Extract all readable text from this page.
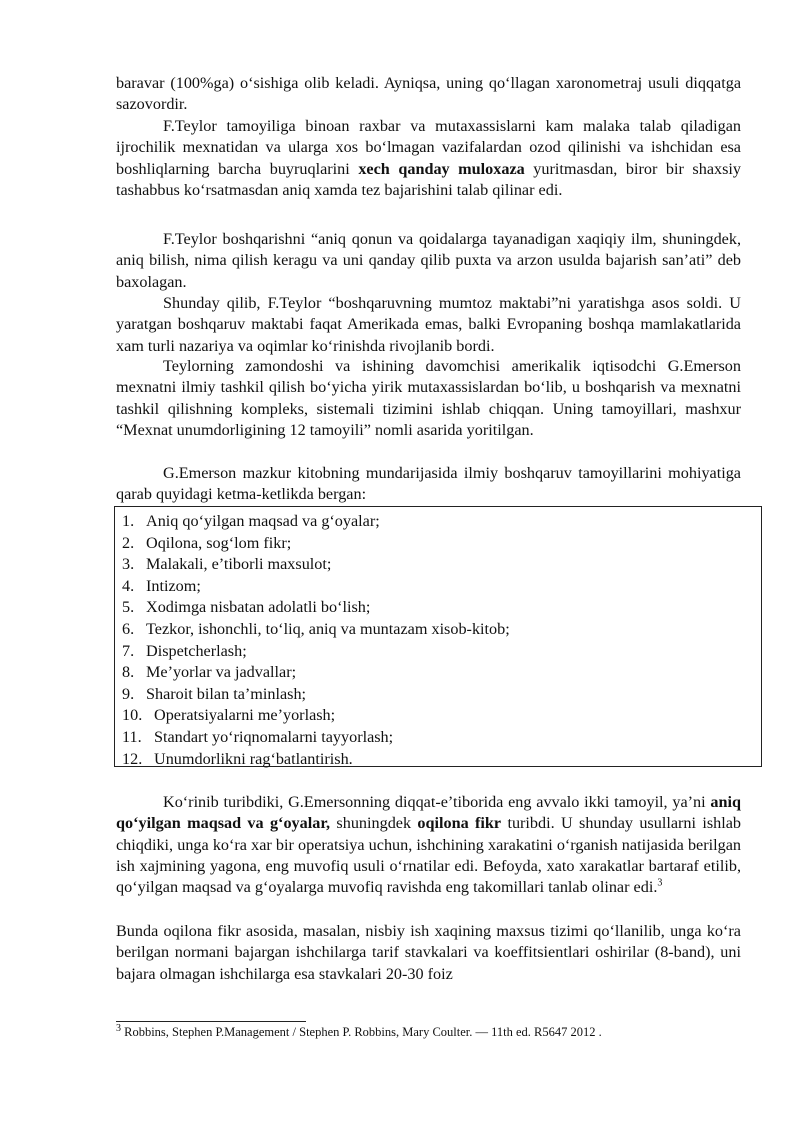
baravar (100%ga) oʻsishiga olib keladi. Ayniqsa, uning qoʻllagan xaronometraj usuli diqqatga sazovordir.

F.Teylor tamoyiliga binoan raxbar va mutaxassislarni kam malaka talab qiladigan ijrochilik mexnatidan va ularga xos boʻlmagan vazifalardan ozod qilinishi va ishchidan esa boshliqlarning barcha buyruqlarini xech qanday muloxaza yuritmasdan, biror bir shaxsiy tashabbus koʻrsatmasdan aniq xamda tez bajarishini talab qilinar edi.

F.Teylor boshqarishni “aniq qonun va qoidalarga tayanadigan xaqiqiy ilm, shuningdek, aniq bilish, nima qilish keragu va uni qanday qilib puxta va arzon usulda bajarish san’ati” deb baxolagan.

Shunday qilib, F.Teylor “boshqaruvning mumtoz maktabi”ni yaratishga asos soldi. U yaratgan boshqaruv maktabi faqat Amerikada emas, balki Evropaning boshqa mamlakatlarida xam turli nazariya va oqimlar koʻrinishda rivojlanib bordi.

Teylorning zamondoshi va ishining davomchisi amerikalik iqtisodchi G.Emerson mexnatni ilmiy tashkil qilish boʻyicha yirik mutaxassislardan boʻlib, u boshqarish va mexnatni tashkil qilishning kompleks, sistemali tizimini ishlab chiqqan. Uning tamoyillari, mashxur “Mexnat unumdorligining 12 tamoyili” nomli asarida yoritilgan.

G.Emerson mazkur kitobning mundarijasida ilmiy boshqaruv tamoyillarini mohiyatiga qarab quyidagi ketma-ketlikda bergan:

1. Aniq qoʻyilgan maqsad va gʻoyalar;
2. Oqilona, sogʻlom fikr;
3. Malakali, e’tiborli maxsulot;
4. Intizom;
5. Xodimga nisbatan adolatli boʻlish;
6. Tezkor, ishonchli, toʻliq, aniq va muntazam xisob-kitob;
7. Dispetcherlash;
8. Me’yorlar va jadvallar;
9. Sharoit bilan ta’minlash;
10. Operatsiyalarni me’yorlash;
11. Standart yoʻriqnomalarni tayyorlash;
12. Unumdorlikni ragʻbatlantirish.

Koʻrinib turibdiki, G.Emersonning diqqat-e’tiborida eng avvalo ikki tamoyil, ya’ni aniq qoʻyilgan maqsad va gʻoyalar, shuningdek oqilona fikr turibdi. U shunday usullarni ishlab chiqdiki, unga koʻra xar bir operatsiya uchun, ishchining xarakatini oʻrganish natijasida berilgan ish xajmining yagona, eng muvofiq usuli oʻrnatilar edi. Befoyda, xato xarakatlar bartaraf etilib, qoʻyilgan maqsad va gʻoyalarga muvofiq ravishda eng takomillari tanlab olinar edi.$^3$

Bunda oqilona fikr asosida, masalan, nisbiy ish xaqining maxsus tizimi qoʻllanilib, unga koʻra berilgan normani bajargan ishchilarga tarif stavkalari va koeffitsientlari oshirilar (8-band), uni bajara olmagan ishchilarga esa stavkalari 20-30 foiz

$^3$ Robbins, Stephen P.Management / Stephen P. Robbins, Mary Coulter. — 11th ed. R5647 2012 .
